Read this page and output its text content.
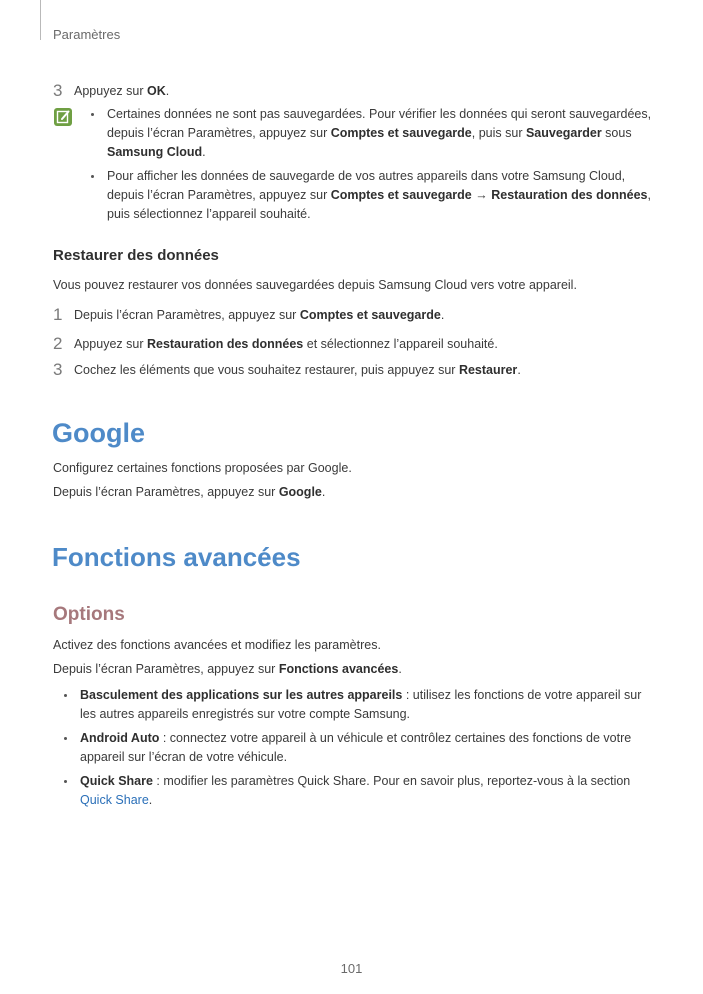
Paramètres
3 Appuyez sur OK.
Certaines données ne sont pas sauvegardées. Pour vérifier les données qui seront sauvegardées, depuis l’écran Paramètres, appuyez sur Comptes et sauvegarde, puis sur Sauvegarder sous Samsung Cloud.
Pour afficher les données de sauvegarde de vos autres appareils dans votre Samsung Cloud, depuis l’écran Paramètres, appuyez sur Comptes et sauvegarde → Restauration des données, puis sélectionnez l’appareil souhaité.
Restaurer des données
Vous pouvez restaurer vos données sauvegardées depuis Samsung Cloud vers votre appareil.
1 Depuis l’écran Paramètres, appuyez sur Comptes et sauvegarde.
2 Appuyez sur Restauration des données et sélectionnez l’appareil souhaité.
3 Cochez les éléments que vous souhaitez restaurer, puis appuyez sur Restaurer.
Google
Configurez certaines fonctions proposées par Google.
Depuis l’écran Paramètres, appuyez sur Google.
Fonctions avancées
Options
Activez des fonctions avancées et modifiez les paramètres.
Depuis l’écran Paramètres, appuyez sur Fonctions avancées.
Basculement des applications sur les autres appareils : utilisez les fonctions de votre appareil sur les autres appareils enregistrés sur votre compte Samsung.
Android Auto : connectez votre appareil à un véhicule et contrôlez certaines des fonctions de votre appareil sur l’écran de votre véhicule.
Quick Share : modifier les paramètres Quick Share. Pour en savoir plus, reportez-vous à la section Quick Share.
101
